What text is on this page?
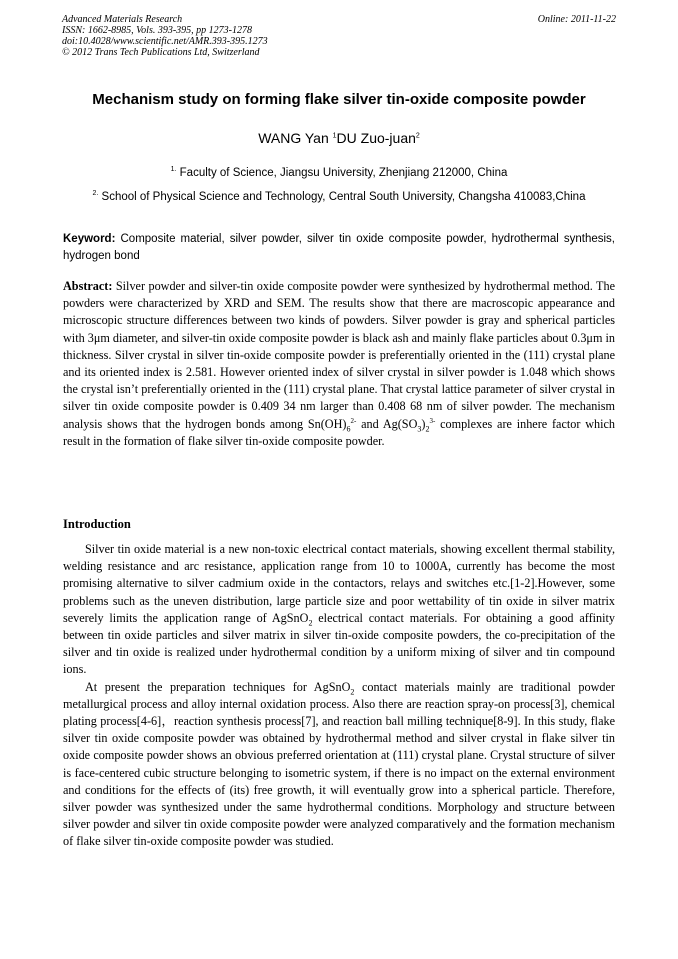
Advanced Materials Research
ISSN: 1662-8985, Vols. 393-395, pp 1273-1278
doi:10.4028/www.scientific.net/AMR.393-395.1273
© 2012 Trans Tech Publications Ltd, Switzerland
Online: 2011-11-22
Mechanism study on forming flake silver tin-oxide composite powder
WANG Yan $^1$DU Zuo-juan$^2$
$^{1.}$ Faculty of Science, Jiangsu University, Zhenjiang 212000, China
$^{2.}$ School of Physical Science and Technology, Central South University, Changsha 410083,China
Keyword: Composite material, silver powder, silver tin oxide composite powder, hydrothermal synthesis, hydrogen bond
Abstract: Silver powder and silver-tin oxide composite powder were synthesized by hydrothermal method. The powders were characterized by XRD and SEM. The results show that there are macroscopic appearance and microscopic structure differences between two kinds of powders. Silver powder is gray and spherical particles with 3μm diameter, and silver-tin oxide composite powder is black ash and mainly flake particles about 0.3μm in thickness. Silver crystal in silver tin-oxide composite powder is preferentially oriented in the (111) crystal plane and its oriented index is 2.581. However oriented index of silver crystal in silver powder is 1.048 which shows the crystal isn’t preferentially oriented in the (111) crystal plane. That crystal lattice parameter of silver crystal in silver tin oxide composite powder is 0.409 34 nm larger than 0.408 68 nm of silver powder. The mechanism analysis shows that the hydrogen bonds among $Sn(OH)_6^{2-}$ and $Ag(SO_3)_2^{3-}$ complexes are inhere factor which result in the formation of flake silver tin-oxide composite powder.
Introduction

Silver tin oxide material is a new non-toxic electrical contact materials, showing excellent thermal stability, welding resistance and arc resistance, application range from 10 to 1000A, currently has become the most promising alternative to silver cadmium oxide in the contactors, relays and switches etc.[1-2].However, some problems such as the uneven distribution, large particle size and poor wettability of tin oxide in silver matrix severely limits the application range of AgSnO$_2$ electrical contact materials. For obtaining a good affinity between tin oxide particles and silver matrix in silver tin-oxide composite powders, the co-precipitation of the silver and tin oxide is realized under hydrothermal condition by a uniform mixing of silver and tin compound ions.

At present the preparation techniques for AgSnO$_2$ contact materials mainly are traditional powder metallurgical process and alloy internal oxidation process. Also there are reaction spray-on process[3], chemical plating process[4-6]，reaction synthesis process[7], and reaction ball milling technique[8-9]. In this study, flake silver tin oxide composite powder was obtained by hydrothermal method and silver crystal in flake silver tin oxide composite powder shows an obvious preferred orientation at (111) crystal plane. Crystal structure of silver is face-centered cubic structure belonging to isometric system, if there is no impact on the external environment and conditions for the effects of (its) free growth, it will eventually grow into a spherical particle. Therefore, silver powder was synthesized under the same hydrothermal conditions. Morphology and structure between silver powder and silver tin oxide composite powder were analyzed comparatively and the formation mechanism of flake silver tin-oxide composite powder was studied.
